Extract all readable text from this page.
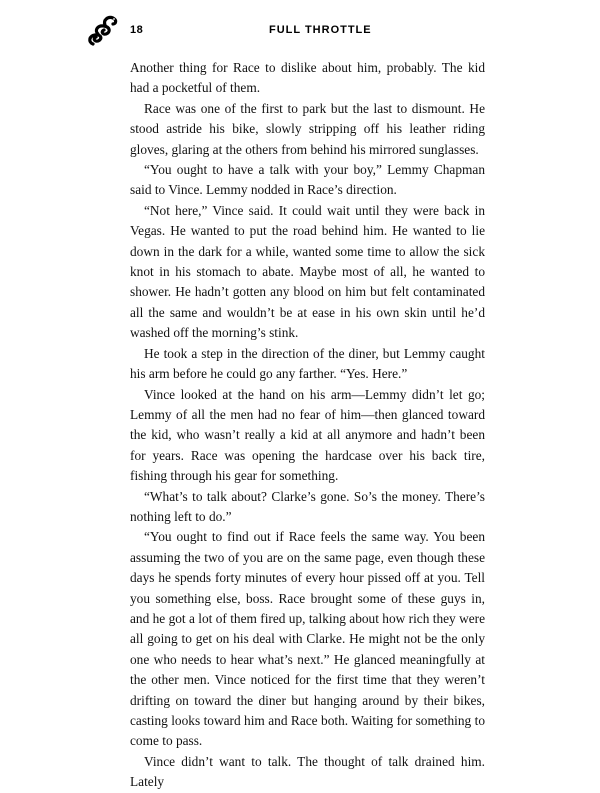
18	FULL THROTTLE

Another thing for Race to dislike about him, probably. The kid had a pocketful of them.

Race was one of the first to park but the last to dismount. He stood astride his bike, slowly stripping off his leather riding gloves, glaring at the others from behind his mirrored sunglasses.

“You ought to have a talk with your boy,” Lemmy Chapman said to Vince. Lemmy nodded in Race’s direction.

“Not here,” Vince said. It could wait until they were back in Vegas. He wanted to put the road behind him. He wanted to lie down in the dark for a while, wanted some time to allow the sick knot in his stomach to abate. Maybe most of all, he wanted to shower. He hadn’t gotten any blood on him but felt contaminated all the same and wouldn’t be at ease in his own skin until he’d washed off the morning’s stink.

He took a step in the direction of the diner, but Lemmy caught his arm before he could go any farther. “Yes. Here.”

Vince looked at the hand on his arm—Lemmy didn’t let go; Lemmy of all the men had no fear of him—then glanced toward the kid, who wasn’t really a kid at all anymore and hadn’t been for years. Race was opening the hardcase over his back tire, fishing through his gear for something.

“What’s to talk about? Clarke’s gone. So’s the money. There’s nothing left to do.”

“You ought to find out if Race feels the same way. You been assuming the two of you are on the same page, even though these days he spends forty minutes of every hour pissed off at you. Tell you something else, boss. Race brought some of these guys in, and he got a lot of them fired up, talking about how rich they were all going to get on his deal with Clarke. He might not be the only one who needs to hear what’s next.” He glanced meaningfully at the other men. Vince noticed for the first time that they weren’t drifting on toward the diner but hanging around by their bikes, casting looks toward him and Race both. Waiting for something to come to pass.

Vince didn’t want to talk. The thought of talk drained him. Lately
